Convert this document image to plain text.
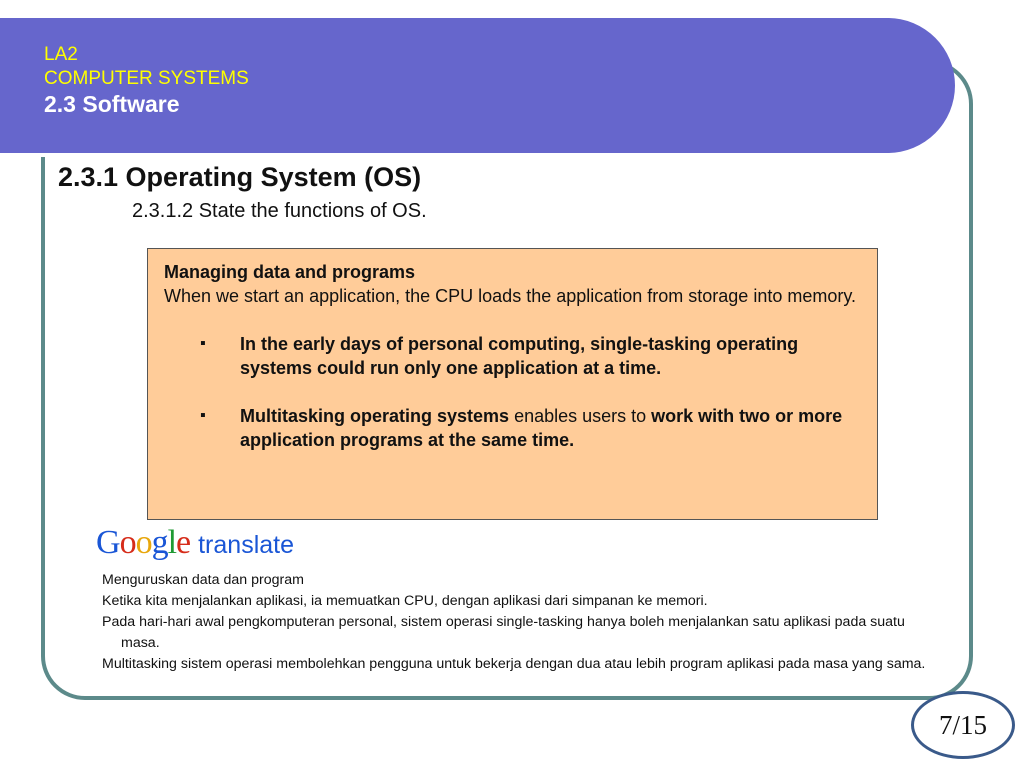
LA2

COMPUTER SYSTEMS

2.3 Software

2.3.1 Operating System (OS)

2.3.1.2 State the functions of OS.

Managing data and programs

When we start an application, the CPU loads the application from storage into memory.

▪ In the early days of personal computing, single-tasking operating systems could run only one application at a time.
▪ Multitasking operating systems enables users to work with two or more application programs at the same time.
Google translate

Menguruskan data dan program

Ketika kita menjalankan aplikasi, ia memuatkan CPU, dengan aplikasi dari simpanan ke memori.

Pada hari-hari awal pengkomputeran personal, sistem operasi single-tasking hanya boleh menjalankan satu aplikasi pada suatu masa.

Multitasking sistem operasi membolehkan pengguna untuk bekerja dengan dua atau lebih program aplikasi pada masa yang sama.

7/15
